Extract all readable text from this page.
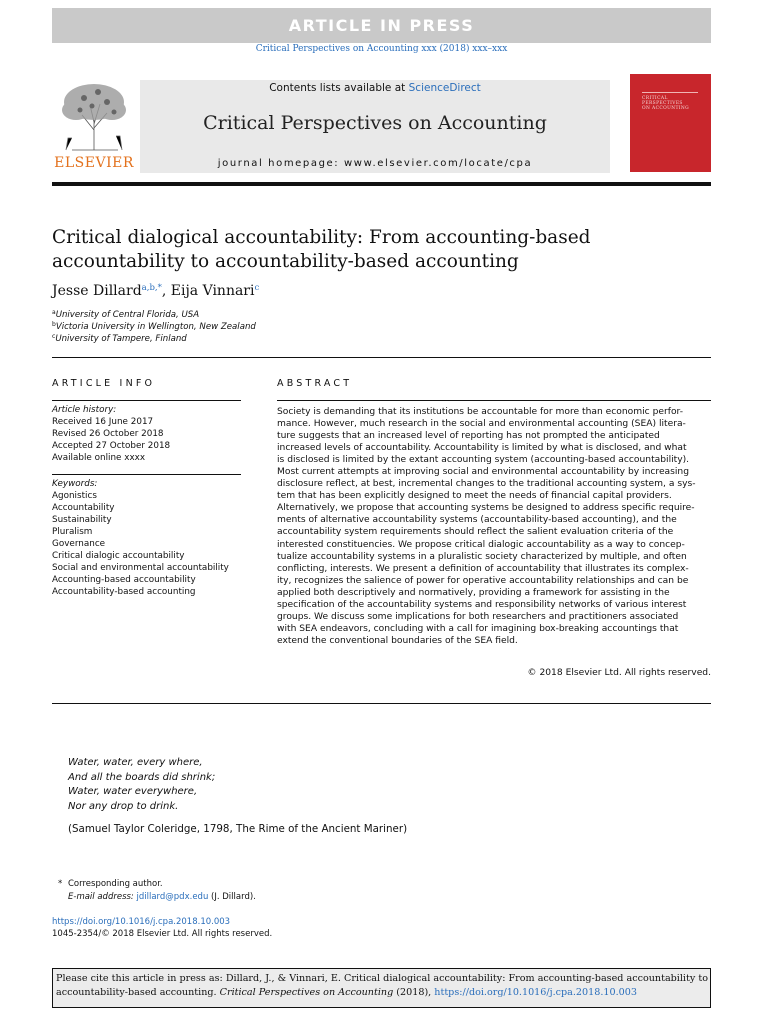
ARTICLE IN PRESS
Critical Perspectives on Accounting xxx (2018) xxx–xxx
ELSEVIER
Contents lists available at ScienceDirect
Critical Perspectives on Accounting
journal homepage: www.elsevier.com/locate/cpa
CRITICAL
PERSPECTIVES
ON ACCOUNTING
Critical dialogical accountability: From accounting-based
accountability to accountability-based accounting
Jesse Dillard$^{a,b,*}$, Eija Vinnari$^c$
$^a$University of Central Florida, USA
$^b$Victoria University in Wellington, New Zealand
$^c$University of Tampere, Finland
ARTICLE INFO
Article history:
Received 16 June 2017
Revised 26 October 2018
Accepted 27 October 2018
Available online xxxx
Keywords:
Agonistics
Accountability
Sustainability
Pluralism
Governance
Critical dialogic accountability
Social and environmental accountability
Accounting-based accountability
Accountability-based accounting
ABSTRACT
Society is demanding that its institutions be accountable for more than economic perfor-
mance. However, much research in the social and environmental accounting (SEA) litera-
ture suggests that an increased level of reporting has not prompted the anticipated
increased levels of accountability. Accountability is limited by what is disclosed, and what
is disclosed is limited by the extant accounting system (accounting-based accountability).
Most current attempts at improving social and environmental accountability by increasing
disclosure reflect, at best, incremental changes to the traditional accounting system, a sys-
tem that has been explicitly designed to meet the needs of financial capital providers.
Alternatively, we propose that accounting systems be designed to address specific require-
ments of alternative accountability systems (accountability-based accounting), and the
accountability system requirements should reflect the salient evaluation criteria of the
interested constituencies. We propose critical dialogic accountability as a way to concep-
tualize accountability systems in a pluralistic society characterized by multiple, and often
conflicting, interests. We present a definition of accountability that illustrates its complex-
ity, recognizes the salience of power for operative accountability relationships and can be
applied both descriptively and normatively, providing a framework for assisting in the
specification of the accountability systems and responsibility networks of various interest
groups. We discuss some implications for both researchers and practitioners associated
with SEA endeavors, concluding with a call for imagining box-breaking accountings that
extend the conventional boundaries of the SEA field.
© 2018 Elsevier Ltd. All rights reserved.
Water, water, every where,
And all the boards did shrink;
Water, water everywhere,
Nor any drop to drink.
(Samuel Taylor Coleridge, 1798, The Rime of the Ancient Mariner)
* Corresponding author.
E-mail address: jdillard@pdx.edu (J. Dillard).
https://doi.org/10.1016/j.cpa.2018.10.003
1045-2354/© 2018 Elsevier Ltd. All rights reserved.
Please cite this article in press as: Dillard, J., & Vinnari, E. Critical dialogical accountability: From accounting-based accountability to accountability-based accounting. Critical Perspectives on Accounting (2018), https://doi.org/10.1016/j.cpa.2018.10.003
